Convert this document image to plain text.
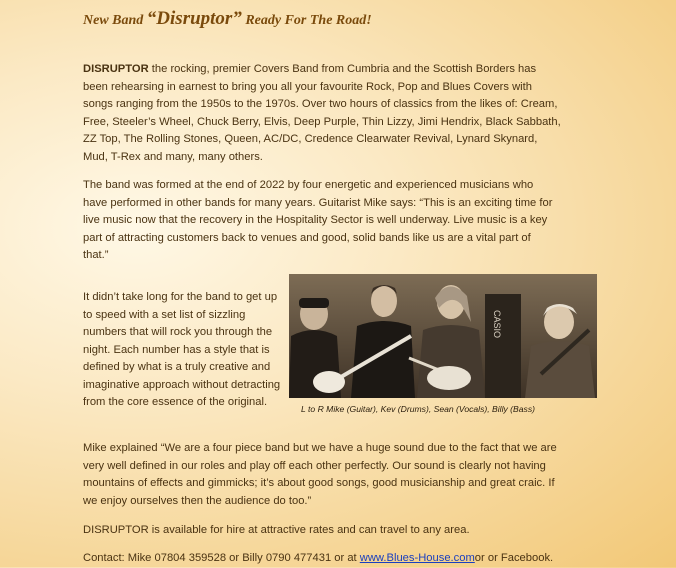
New Band “Disruptor” Ready For The Road!

DISRUPTOR the rocking, premier Covers Band from Cumbria and the Scottish Borders has been rehearsing in earnest to bring you all your favourite Rock, Pop and Blues Covers with songs ranging from the 1950s to the 1970s. Over two hours of classics from the likes of: Cream, Free, Steeler’s Wheel, Chuck Berry, Elvis, Deep Purple, Thin Lizzy, Jimi Hendrix, Black Sabbath, ZZ Top, The Rolling Stones, Queen, AC/DC, Credence Clearwater Revival, Lynard Skynard, Mud, T-Rex and many, many others.

The band was formed at the end of 2022 by four energetic and experienced musicians who have performed in other bands for many years. Guitarist Mike says: “This is an exciting time for live music now that the recovery in the Hospitality Sector is well underway. Live music is a key part of attracting customers back to venues and good, solid bands like us are a vital part of that.”

It didn’t take long for the band to get up to speed with a set list of sizzling numbers that will rock you through the night. Each number has a style that is defined by what is a truly creative and imaginative approach without detracting from the core essence of the original.

CASIO
L to R Mike (Guitar), Kev (Drums), Sean (Vocals), Billy (Bass)

Mike explained “We are a four piece band but we have a huge sound due to the fact that we are very well defined in our roles and play off each other perfectly. Our sound is clearly not having mountains of effects and gimmicks; it’s about good songs, good musicianship and great craic. If we enjoy ourselves then the audience do too.”

DISRUPTOR is available for hire at attractive rates and can travel to any area.

Contact: Mike 07804 359528 or Billy 0790 477431 or at www.Blues-House.comor or Facebook.
